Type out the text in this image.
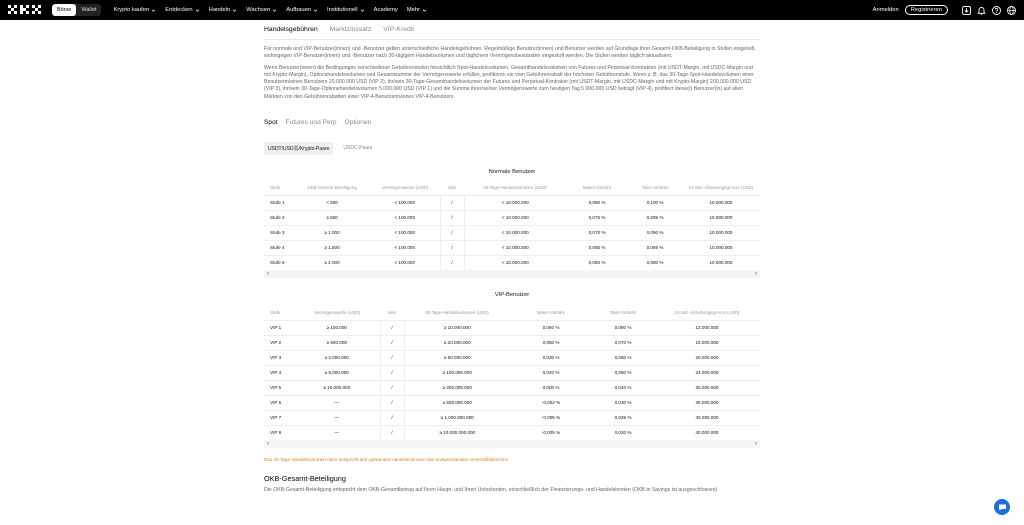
Börse	Wallet	Krypto kaufen	Entdecken	Handeln	Wachsen	Aufbauen	Institutionell	Academy Mehr	Anmelden	Registrieren
Handelsgebühren Marktzinssatz VIP-Kredit

Für normale und VIP-Benutzer(innen) und -Benutzer gelten unterschiedliche Handelsgebühren. Regelmäßige Benutzer(innen) und Benutzer werden auf Grundlage ihrer Gesamt-OKB-Beteiligung in Stufen eingeteilt, wohingegen VIP-Benutzer(innen) und -Benutzer nach 30-tägigem Handelsvolumen und täglichem Vermögensbeständen eingestuft werden. Die Stufen werden täglich aktualisiert.

Wenn Benutzer(innen) die Bedingungen verschiedener Gebührenstufen hinsichtlich Spot-Handelsvolumen, Gesamthandelsvolumen von Futures und Perpetual-Kontrakten (mit USDT-Margin, mit USDC-Margin und mit Krypto-Margin), Optionshandelsvolumen und Gesamtsumme der Vermögenswerte erfüllen, profitieren sie vom Gebührenrabatt der höchsten Gebührenstufe. Wenn z. B. das 30-Tage-Spot-Handelsvolumen einer Benutzerin/eines Benutzers 20.000.000 USD (VIP 2), ihr/sein 30-Tage-Gesamthandelsvolumen der Futures und Perpetual-Kontrakte (mit USDT-Margin, mit USDC-Margin und mit Krypto-Margin) 200.000.000 USD (VIP 3), ihr/sein 30-Tage-Optionehandelsvolumen 5.000.000 USD (VIP 1) und die Summe ihrer/seiner Vermögenswerte zum heutigen Tag 5.000.000 USD beträgt (VIP 4), profitiert diese(r) Benutzer(in) auf allen Märkten von den Gebührenrabatten einer VIP-4-Benutzerin/eines VIP-4-Benutzers.

Spot Futures und Perp Optionen
USDT/USD基/Krypto-Paare	USDC-Paare
Normale Benutzer
Stufe	OKB-Gesamt-Beteiligung	Vermögenswerte (USD)	oder	30-Tage-Handelsvolumen (USD)	Maker-Gebühr	Taker-Gebühr	24-Std.-Abhebungsgrenze (USD)
Stufe 1	< 500	< 100.000	/	< 10.000.000	0,080 %	0,100 %	10.000.000
Stufe 2	≥ 500	< 100.000	/	< 10.000.000	0,075 %	0,095 %	10.000.000
Stufe 3	≥ 1.000	< 100.000	/	< 10.000.000	0,070 %	0,090 %	10.000.000
Stufe 4	≥ 1.500	< 100.000	/	< 10.000.000	0,065 %	0,085 %	10.000.000
Stufe 5	≥ 2.000	< 100.000	/	< 10.000.000	0,060 %	0,080 %	10.000.000
‹	›
VIP-Benutzer
Stufe	Vermögenswerte (USD)	oder	30-Tage-Handelsvolumen (USD)	Maker-Gebühr	Taker-Gebühr	24-Std.-Abhebungsgrenze (USD)
VIP 1	≥ 100.000	/	≥ 10.000.000	0,060 %	0,080 %	12.000.000
VIP 2	≥ 500.000	/	≥ 20.000.000	0,050 %	0,070 %	16.000.000
VIP 3	≥ 2.000.000	/	≥ 50.000.000	0,030 %	0,060 %	20.000.000
VIP 4	≥ 5.000.000	/	≥ 100.000.000	0,020 %	0,050 %	24.000.000
VIP 5	≥ 10.000.000	/	≥ 200.000.000	0,000 %	0,040 %	30.000.000
VIP 6	—	/	≥ 500.000.000	-0,002 %	0,030 %	36.000.000
VIP 7	—	/	≥ 1.000.000.000	-0,005 %	0,025 %	40.000.000
VIP 8	—	/	≥ 10.000.000.000	-0,005 %	0,020 %	40.000.000
‹	›
Das 30-Tage-Handelsvolumen oben entspricht dem gesamten Handelsvolumen des entsprechenden Geschäftsbereichs
OKB-Gesamt-Beteiligung

Die OKB-Gesamt-Beteiligung entspricht dem OKB-Gesamtbetrag auf Ihren Haupt- und Ihren Unterkonten, einschließlich der Finanzierungs- und Handelskonten (OKB in Savings ist ausgeschlossen)
